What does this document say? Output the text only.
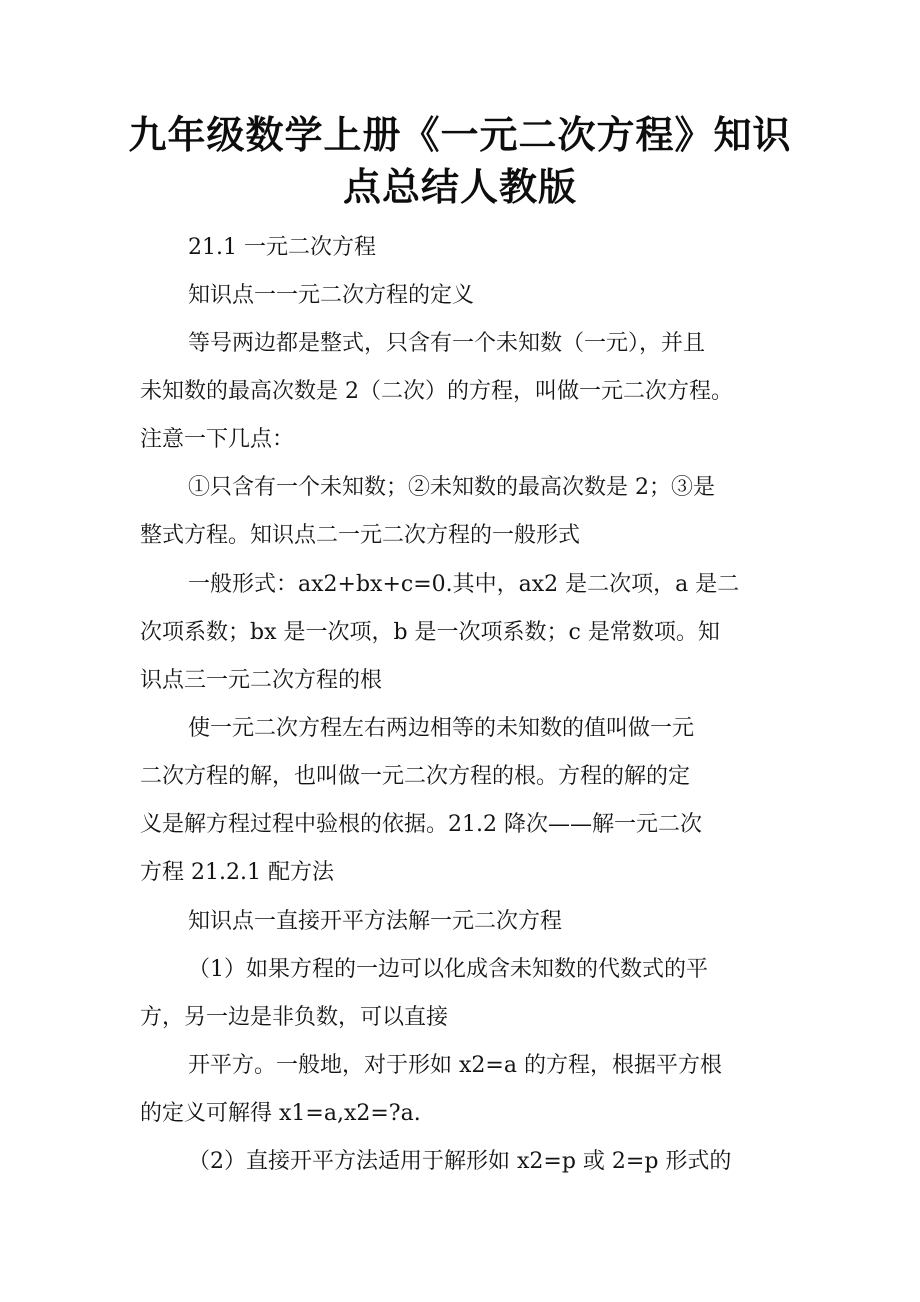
九年级数学上册《一元二次方程》知识
点总结人教版
21.1 一元二次方程
知识点一一元二次方程的定义
等号两边都是整式，只含有一个未知数（一元），并且
未知数的最高次数是 2（二次）的方程，叫做一元二次方程。
注意一下几点：
①只含有一个未知数；②未知数的最高次数是 2；③是
整式方程。知识点二一元二次方程的一般形式
一般形式：ax2+bx+c=0.其中，ax2 是二次项，a 是二
次项系数；bx 是一次项，b 是一次项系数；c 是常数项。知
识点三一元二次方程的根
使一元二次方程左右两边相等的未知数的值叫做一元
二次方程的解，也叫做一元二次方程的根。方程的解的定
义是解方程过程中验根的依据。21.2 降次——解一元二次
方程 21.2.1 配方法
知识点一直接开平方法解一元二次方程
（1）如果方程的一边可以化成含未知数的代数式的平
方，另一边是非负数，可以直接
开平方。一般地，对于形如 x2=a 的方程，根据平方根
的定义可解得 x1=a,x2=?a.
（2）直接开平方法适用于解形如 x2=p 或 2=p 形式的
